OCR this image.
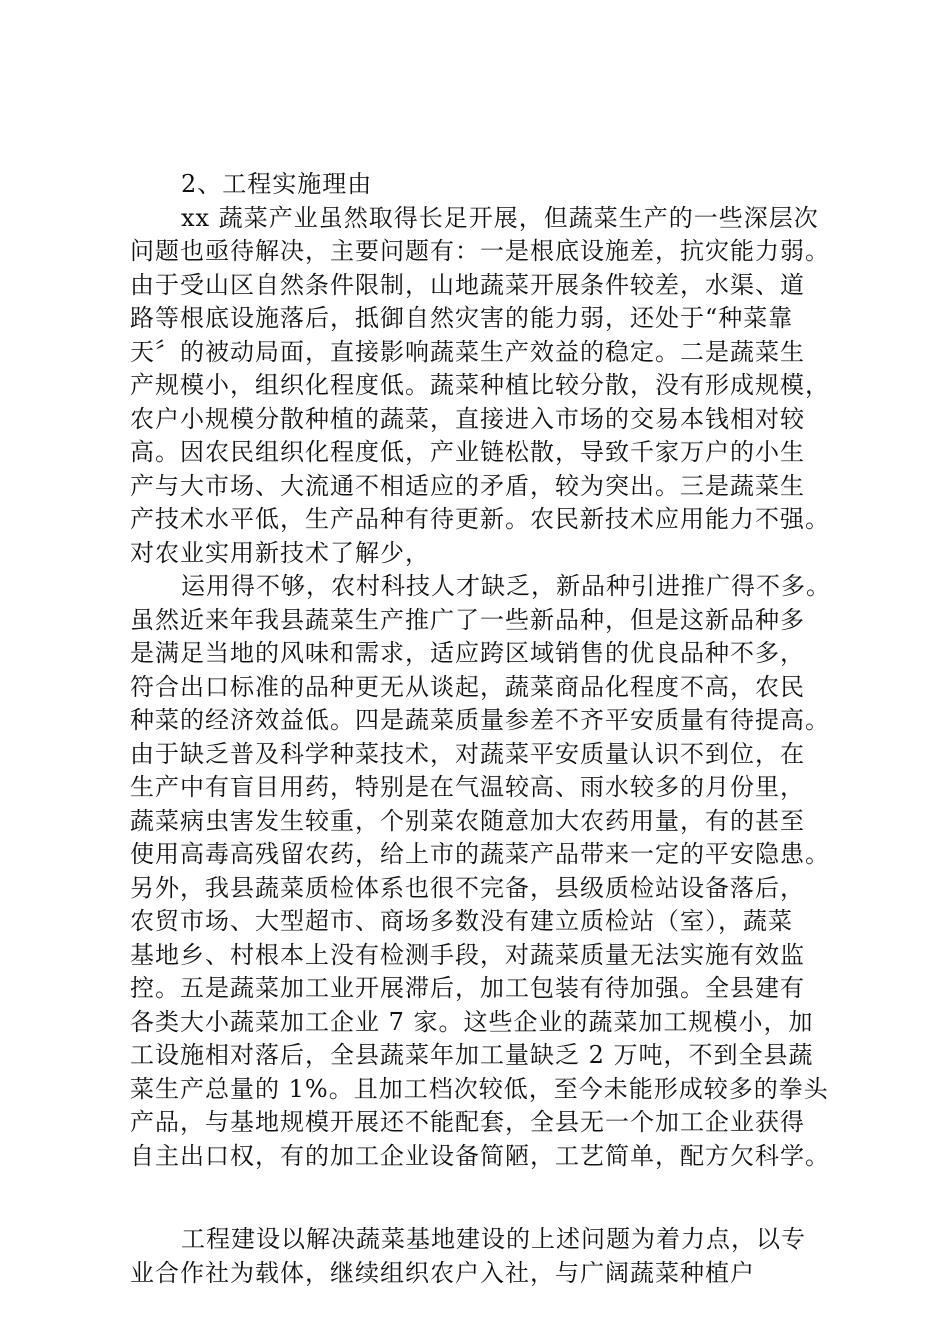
2、工程实施理由
xx 蔬菜产业虽然取得长足开展，但蔬菜生产的一些深层次
问题也亟待解决，主要问题有：一是根底设施差，抗灾能力弱。
由于受山区自然条件限制，山地蔬菜开展条件较差，水渠、道
路等根底设施落后，抵御自然灾害的能力弱，还处于“种菜靠
天〞的被动局面，直接影响蔬菜生产效益的稳定。二是蔬菜生
产规模小，组织化程度低。蔬菜种植比较分散，没有形成规模，
农户小规模分散种植的蔬菜，直接进入市场的交易本钱相对较
高。因农民组织化程度低，产业链松散，导致千家万户的小生
产与大市场、大流通不相适应的矛盾，较为突出。三是蔬菜生
产技术水平低，生产品种有待更新。农民新技术应用能力不强。
对农业实用新技术了解少，
运用得不够，农村科技人才缺乏，新品种引进推广得不多。
虽然近来年我县蔬菜生产推广了一些新品种，但是这新品种多
是满足当地的风味和需求，适应跨区域销售的优良品种不多，
符合出口标准的品种更无从谈起，蔬菜商品化程度不高，农民
种菜的经济效益低。四是蔬菜质量参差不齐平安质量有待提高。
由于缺乏普及科学种菜技术，对蔬菜平安质量认识不到位，在
生产中有盲目用药，特别是在气温较高、雨水较多的月份里，
蔬菜病虫害发生较重，个别菜农随意加大农药用量，有的甚至
使用高毒高残留农药，给上市的蔬菜产品带来一定的平安隐患。
另外，我县蔬菜质检体系也很不完备，县级质检站设备落后，
农贸市场、大型超市、商场多数没有建立质检站（室），蔬菜
基地乡、村根本上没有检测手段，对蔬菜质量无法实施有效监
控。五是蔬菜加工业开展滞后，加工包装有待加强。全县建有
各类大小蔬菜加工企业 7 家。这些企业的蔬菜加工规模小，加
工设施相对落后，全县蔬菜年加工量缺乏 2 万吨，不到全县蔬
菜生产总量的 1%。且加工档次较低，至今未能形成较多的拳头
产品，与基地规模开展还不能配套，全县无一个加工企业获得
自主出口权，有的加工企业设备简陋，工艺简单，配方欠科学。
工程建设以解决蔬菜基地建设的上述问题为着力点，以专
业合作社为载体，继续组织农户入社，与广阔蔬菜种植户
